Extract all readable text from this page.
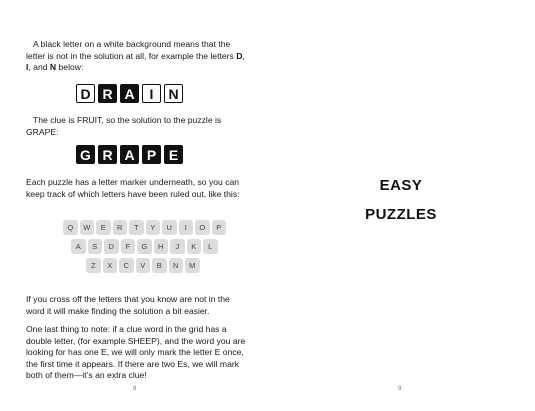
A black letter on a white background means that the letter is not in the solution at all, for example the letters D, I, and N below:

D R A	I	N

The clue is FRUIT, so the solution to the puzzle is GRAPE:

G R A P E

Each puzzle has a letter marker underneath, so you can keep track of which letters have been ruled out, like this:

Q	W	E	R	T	Y	U	I	O	P
A	S	D	F	G	H	J	K	L
Z	X	C	V	B	N	M

If you cross off the letters that you know are not in the word it will make finding the solution a bit easier.

One last thing to note: if a clue word in the grid has a double letter, (for example SHEEP), and the word you are looking for has one E, we will only mark the letter E once, the first time it appears. If there are two Es, we will mark both of them—it’s an extra clue!

8
EASY
PUZZLES
9
